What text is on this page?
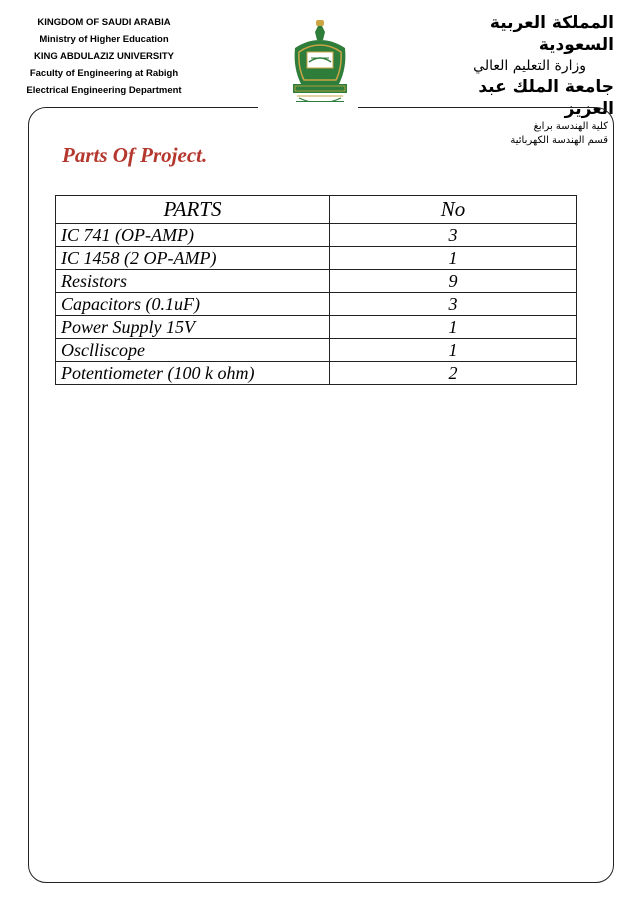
KINGDOM OF SAUDI ARABIA
Ministry of Higher Education
KING ABDULAZIZ UNIVERSITY
Faculty of Engineering at Rabigh
Electrical Engineering Department
المملكة العربية السعودية
وزارة التعليم العالي
جامعة الملك عبد العزيز
كلية الهندسة برابغ
قسم الهندسة الكهربائية
Parts Of Project.
PARTS	No
IC 741 (OP-AMP)	3
IC 1458 (2 OP-AMP)	1
Resistors	9
Capacitors (0.1uF)	3
Power Supply 15V	1
Osclliscope	1
Potentiometer (100 k ohm)	2
